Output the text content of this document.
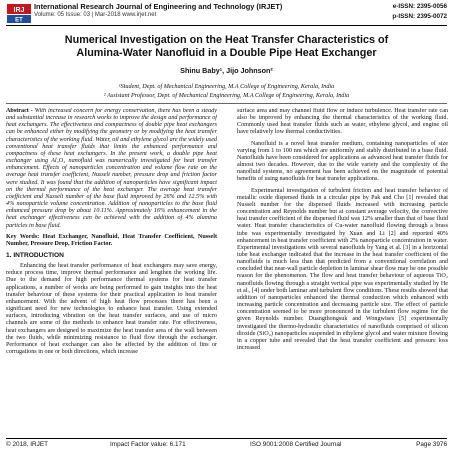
IRJ
ET
International Research Journal of Engineering and Technology (IRJET)
Volume: 05 Issue: 03 | Mar-2018 www.irjet.net
e-ISSN: 2395-0056
p-ISSN: 2395-0072
Numerical Investigation on the Heat Transfer Characteristics of
Alumina-Water Nanofluid in a Double Pipe Heat Exchanger
Shinu Baby¹, Jijo Johnson²
¹Student, Dept. of Mechanical Engineering, M.A College of Engineering, Kerala, India
² Assistant Professor, Dept. of Mechanical Engineering, M.A College of Engineering, Kerala, India

Abstract - With increased concern for energy conservation, there has been a steady and substantial increase in research works to improve the design and performance of heat exchangers. The effectiveness and compactness of double pipe heat exchangers can be enhanced either by modifying the geometry or by modifying the heat transfer characteristics of the working fluid. Water, oil and ethylene glycol are the widely used conventional heat transfer fluids that limits the enhanced performance and compactness of these heat exchangers. In the present work, a double pipe heat exchanger using Al₂O₃ nanofluid was numerically investigated for heat transfer enhancement. Effects of nanoparticles concentration and volume flow rate on the average heat transfer coefficient, Nusselt number, pressure drop and friction factor were studied. It was found that the addition of nanoparticles have significant impact on the thermal performance of the heat exchanger. The average heat transfer coefficient and Nusselt number of the base fluid improved by 26% and 12.5% with 4% nanoparticle volume concentration. Addition of nanoparticles to the base fluid enhanced pressure drop by about 10.11%. Approximately 16% enhancement in the heat exchanger effectiveness can be achieved with the addition of 4% alumina particles in base fluid.

Key Words: Heat Exchanger, Nanofluid, Heat Transfer Coefficient, Nusselt Number, Pressure Drop, Friction Factor.

1. INTRODUCTION

Enhancing the heat transfer performance of heat exchangers may save energy, reduce process time, improve thermal performance and lengthen the working life. Due to the demand for high performance thermal systems for heat transfer applications, a number of works are being performed to gain insights into the heat transfer behaviour of these systems for their practical application to heat transfer enhancement. With the advent of high heat flow processes there has been a significant need for new technologies to enhance heat transfer. Using extended surfaces, introducing vibration on the heat transfer surfaces, and use of micro channels are some of the methods to enhance heat transfer rate. For effectiveness, heat exchangers are designed to maximize the heat transfer area of the wall between the two fluids, while minimizing resistance to fluid flow through the exchanger. Performance of heat exchanger can also be affected by the addition of fins or corrugations in one or both directions, which increase

surface area and may channel fluid flow or induce turbulence. Heat transfer rate can also be improved by enhancing the thermal characteristics of the working fluid. Commonly used heat transfer fluids such as water, ethylene glycol, and engine oil have relatively low thermal conductivities.

Nanofluid is a novel heat transfer medium, containing nanoparticles of size varying from 1 to 100 nm which are uniformly and stably distributed in a base fluid. Nanofluids have been considered for applications as advanced heat transfer fluids for almost two decades. However, due to the wide variety and the complexity of the nanofluid systems, no agreement has been achieved on the magnitude of potential benefits of using nanofluids for heat transfer applications.

Experimental investigation of turbulent friction and heat transfer behavior of metallic oxide dispersed fluids in a circular pipe by Pak and Cho [1] revealed that Nusselt number for the dispersed fluids increased with increasing particle concentration and Reynolds number but at constant average velocity, the convective heat transfer coefficient of the dispersed fluid was 12% smaller than that of base fluid water. Heat transfer characteristics of Cu-water nanofluid flowing through a brass tube was experimentally investigated by Xuan and Li [2] and reported 40% enhancement in heat transfer coefficient with 2% nanoparticle concentration in water. Experimental investigations with several nanofluids by Yang et al. [3] in a horizontal tube heat exchanger indicated that the increase in the heat transfer coefficient of the nanofluids is much less than that predicted from a conventional correlation and concluded that near-wall particle depletion in laminar shear flow may be one possible reason for the phenomenon. The flow and heat transfer behaviour of aqueous TiO₂ nanofluids flowing through a straight vertical pipe was experimentally studied by He et al., [4] under both laminar and turbulent flow conditions. These results showed that addition of nanoparticles enhanced the thermal conduction which enhanced with increasing particle concentration and decreasing particle size. The effect of particle concentration seemed to be more pronounced in the turbulent flow regime for the given Reynolds number. Duangthongsuk and Wongwises [5] experimentally investigated the thermo-hydraulic characteristics of nanofluids comprised of silicon dioxide (SiO₂) nanoparticles suspended in ethylene glycol and water mixture flowing in a copper tube and revealed that the heat transfer coefficient and pressure loss increased

© 2018, IRJET	Impact Factor value: 6.171	ISO 9001:2008 Certified Journal	Page 3976
